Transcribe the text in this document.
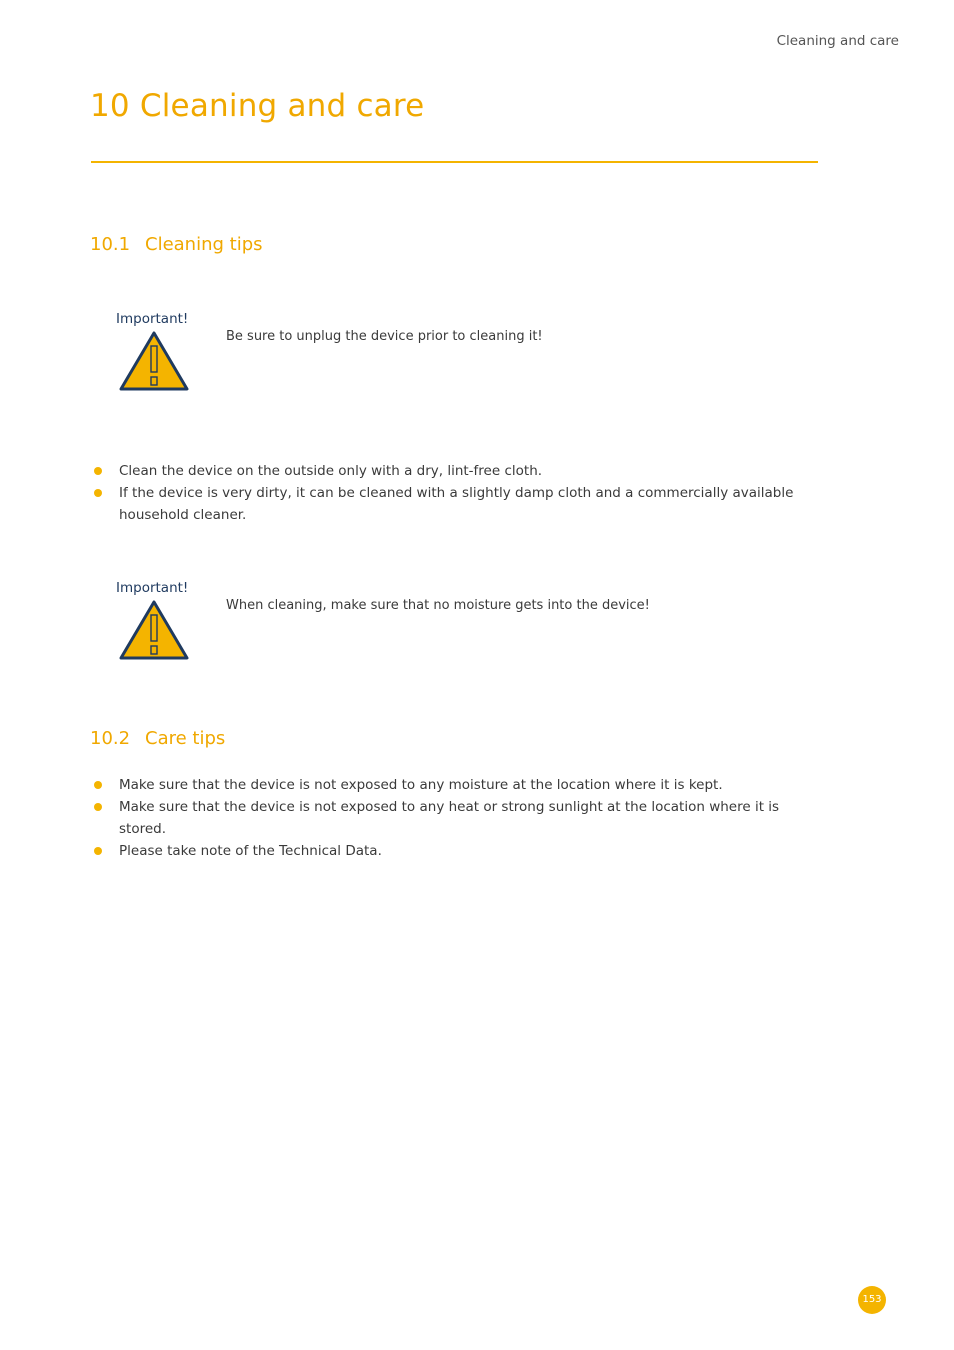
Cleaning and care
10 Cleaning and care
10.1 Cleaning tips
Important!
Be sure to unplug the device prior to cleaning it!
Clean the device on the outside only with a dry, lint-free cloth.
If the device is very dirty, it can be cleaned with a slightly damp cloth and a commercially available household cleaner.
Important!
When cleaning, make sure that no moisture gets into the device!
10.2 Care tips
Make sure that the device is not exposed to any moisture at the location where it is kept.
Make sure that the device is not exposed to any heat or strong sunlight at the location where it is stored.
Please take note of the Technical Data.
153
